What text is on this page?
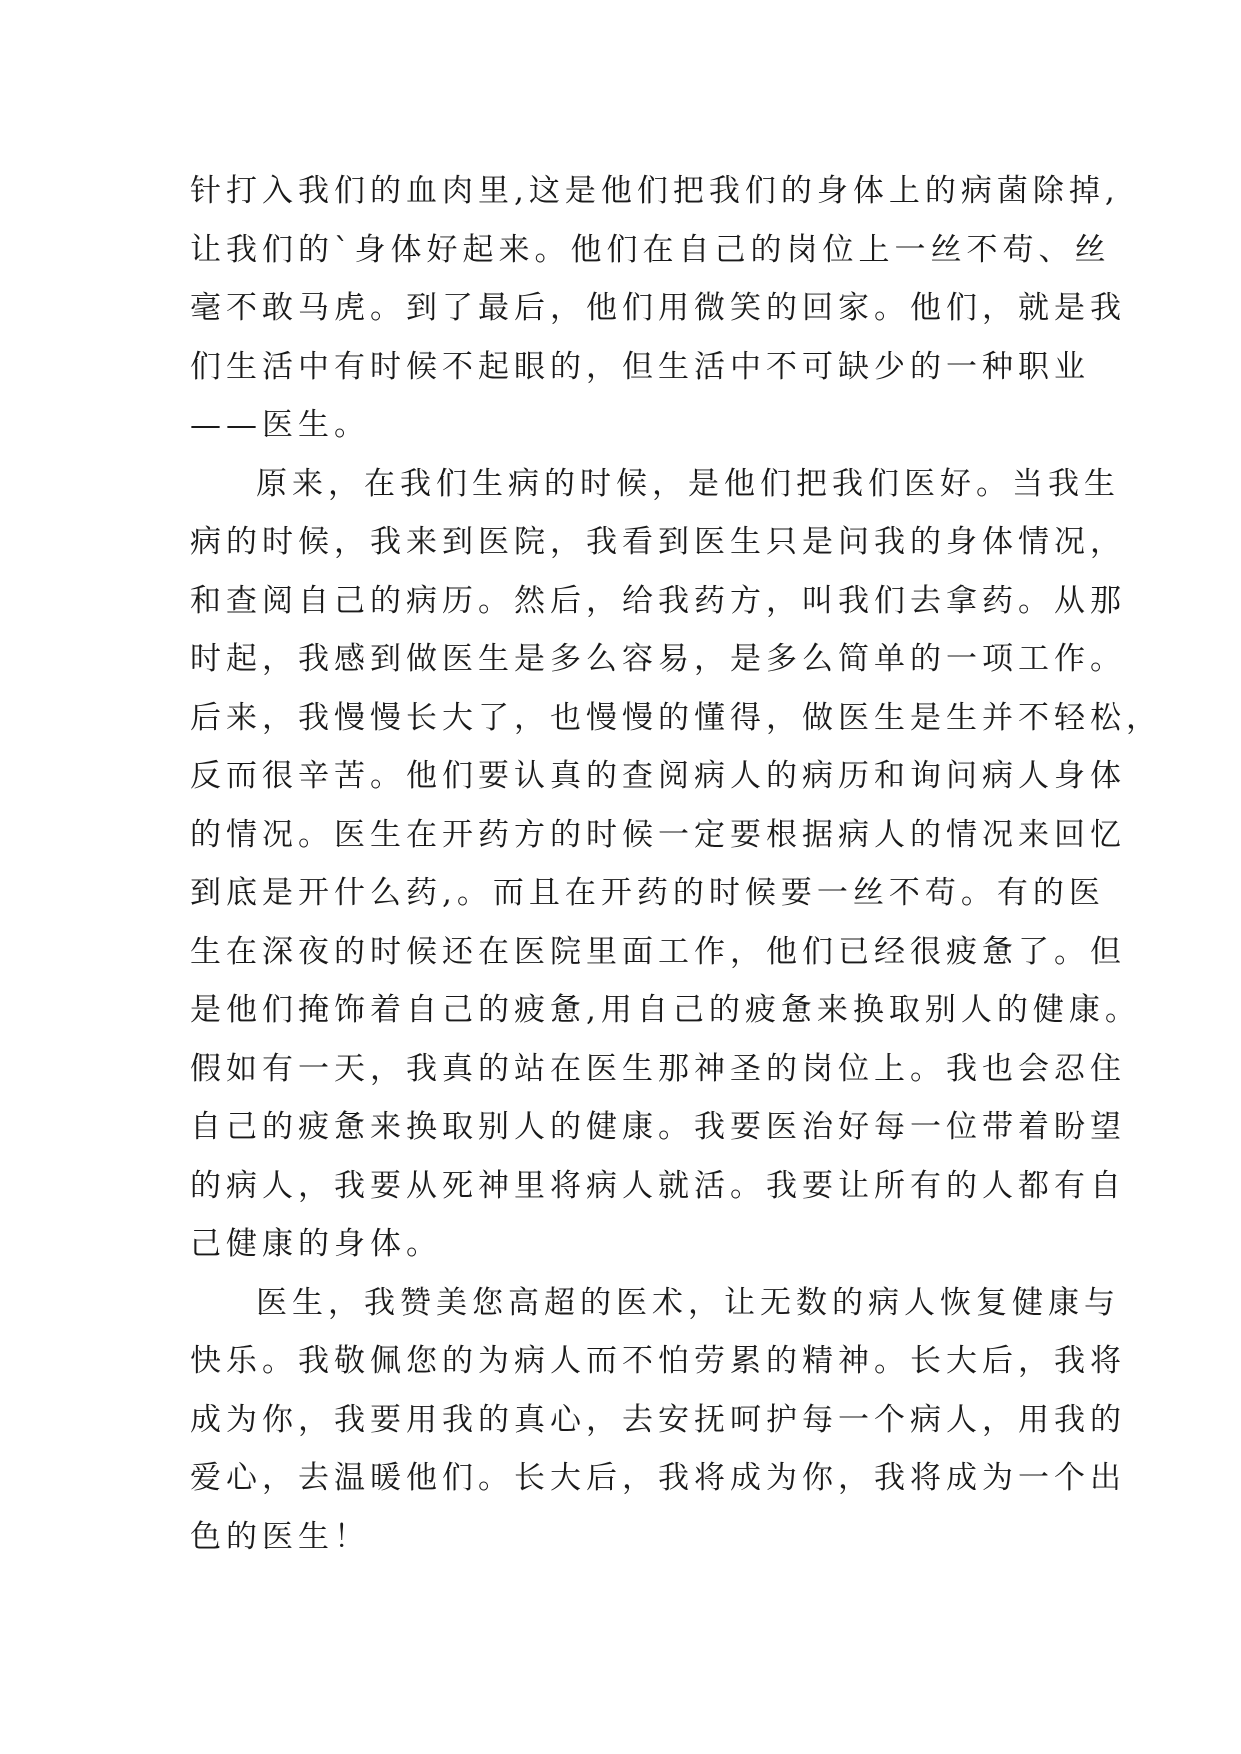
针打入我们的血肉里,这是他们把我们的身体上的病菌除掉,
让我们的`身体好起来。他们在自己的岗位上一丝不苟、丝
毫不敢马虎。到了最后，他们用微笑的回家。他们，就是我
们生活中有时候不起眼的，但生活中不可缺少的一种职业
——医生。
原来，在我们生病的时候，是他们把我们医好。当我生
病的时候，我来到医院，我看到医生只是问我的身体情况，
和查阅自己的病历。然后，给我药方，叫我们去拿药。从那
时起，我感到做医生是多么容易，是多么简单的一项工作。
后来，我慢慢长大了，也慢慢的懂得，做医生是生并不轻松，
反而很辛苦。他们要认真的查阅病人的病历和询问病人身体
的情况。医生在开药方的时候一定要根据病人的情况来回忆
到底是开什么药,。而且在开药的时候要一丝不苟。有的医
生在深夜的时候还在医院里面工作，他们已经很疲惫了。但
是他们掩饰着自己的疲惫,用自己的疲惫来换取别人的健康。
假如有一天，我真的站在医生那神圣的岗位上。我也会忍住
自己的疲惫来换取别人的健康。我要医治好每一位带着盼望
的病人，我要从死神里将病人就活。我要让所有的人都有自
己健康的身体。
医生，我赞美您高超的医术，让无数的病人恢复健康与
快乐。我敬佩您的为病人而不怕劳累的精神。长大后，我将
成为你，我要用我的真心，去安抚呵护每一个病人，用我的
爱心，去温暖他们。长大后，我将成为你，我将成为一个出
色的医生！
